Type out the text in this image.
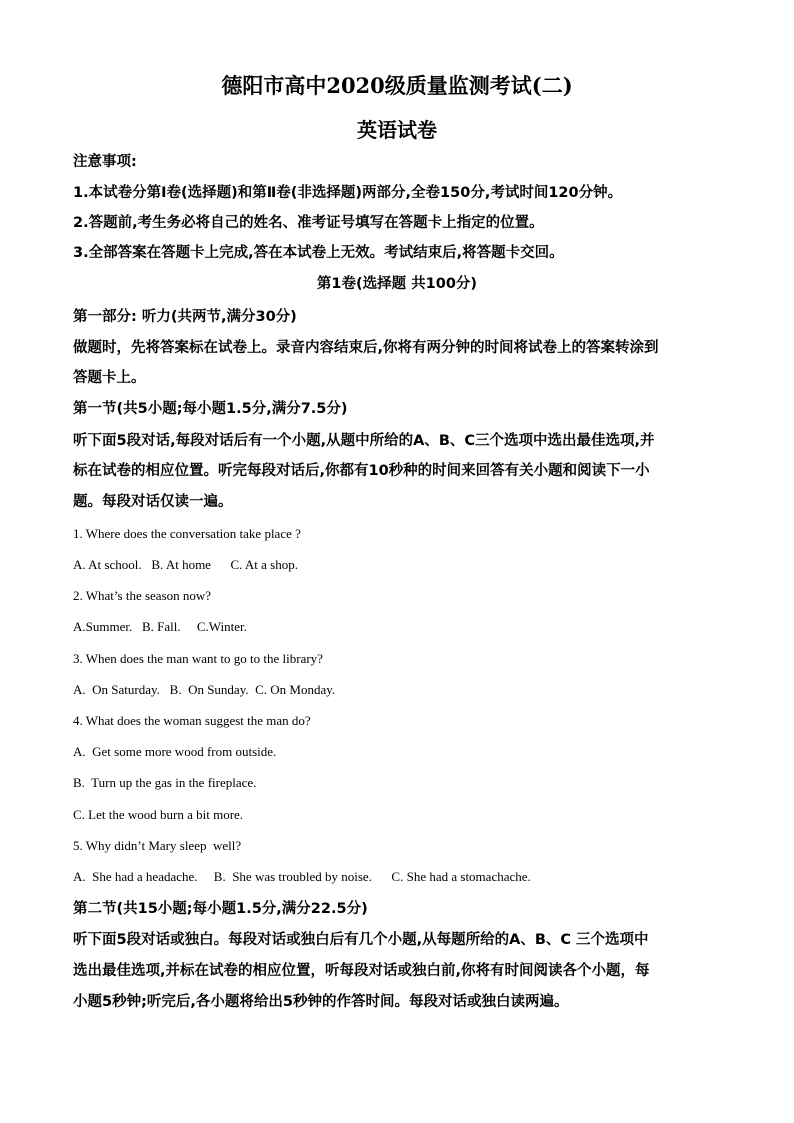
德阳市高中2020级质量监测考试(二)
英语试卷
注意事项:
1.本试卷分第Ⅰ卷(选择题)和第Ⅱ卷(非选择题)两部分,全卷150分,考试时间120分钟。
2.答题前,考生务必将自己的姓名、准考证号填写在答题卡上指定的位置。
3.全部答案在答题卡上完成,答在本试卷上无效。考试结束后,将答题卡交回。
第1卷(选择题 共100分)
第一部分: 听力(共两节,满分30分)
做题时，先将答案标在试卷上。录音内容结束后,你将有两分钟的时间将试卷上的答案转涂到
答题卡上。
第一节(共5小题;每小题1.5分,满分7.5分)
听下面5段对话,每段对话后有一个小题,从题中所给的A、B、C三个选项中选出最佳选项,并
标在试卷的相应位置。听完每段对话后,你都有10秒种的时间来回答有关小题和阅读下一小
题。每段对话仅读一遍。
1. Where does the conversation take place ?
A. At school.   B. At home      C. At a shop.
2. What’s the season now?
A.Summer.   B. Fall.     C.Winter.
3. When does the man want to go to the library?
A.  On Saturday.   B.  On Sunday.  C. On Monday.
4. What does the woman suggest the man do?
A.  Get some more wood from outside.
B.  Turn up the gas in the fireplace.
C. Let the wood burn a bit more.
5. Why didn’t Mary sleep  well?
A.  She had a headache.     B.  She was troubled by noise.      C. She had a stomachache.
第二节(共15小题;每小题1.5分,满分22.5分)
听下面5段对话或独白。每段对话或独白后有几个小题,从每题所给的A、B、C 三个选项中
选出最佳选项,并标在试卷的相应位置，听每段对话或独白前,你将有时间阅读各个小题，每
小题5秒钟;听完后,各小题将给出5秒钟的作答时间。每段对话或独白读两遍。
